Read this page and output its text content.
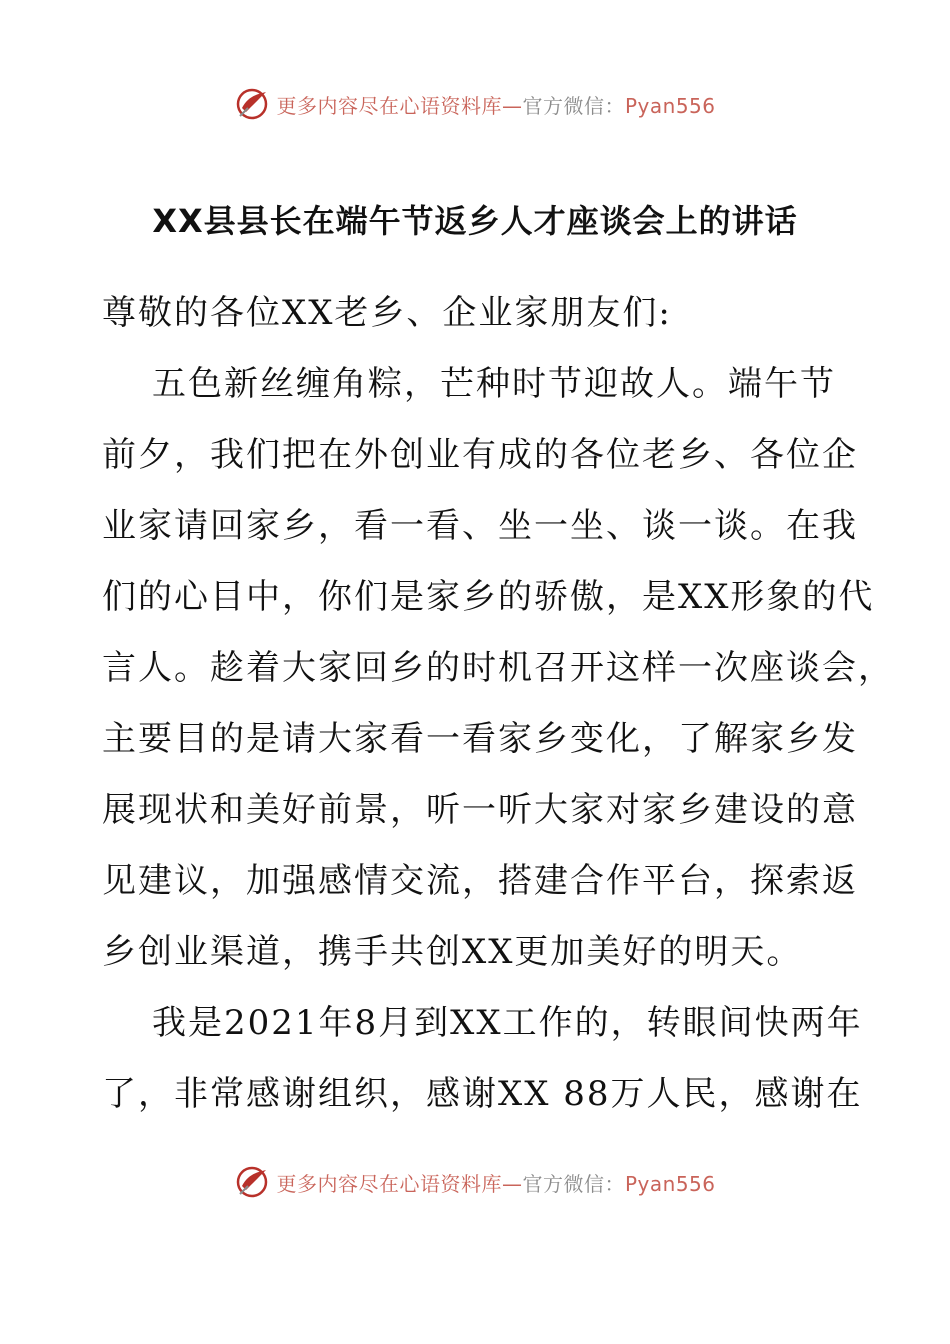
更多内容尽在心语资料库—官方微信：Pyan556
XX县县长在端午节返乡人才座谈会上的讲话

尊敬的各位XX老乡、企业家朋友们:

五色新丝缠角粽，芒种时节迎故人。端午节
前夕，我们把在外创业有成的各位老乡、各位企
业家请回家乡，看一看、坐一坐、谈一谈。在我
们的心目中，你们是家乡的骄傲，是XX形象的代
言人。趁着大家回乡的时机召开这样一次座谈会，
主要目的是请大家看一看家乡变化，了解家乡发
展现状和美好前景，听一听大家对家乡建设的意
见建议，加强感情交流，搭建合作平台，探索返
乡创业渠道，携手共创XX更加美好的明天。

我是2021年8月到XX工作的，转眼间快两年
了，非常感谢组织，感谢XX 88万人民，感谢在

更多内容尽在心语资料库—官方微信：Pyan556
